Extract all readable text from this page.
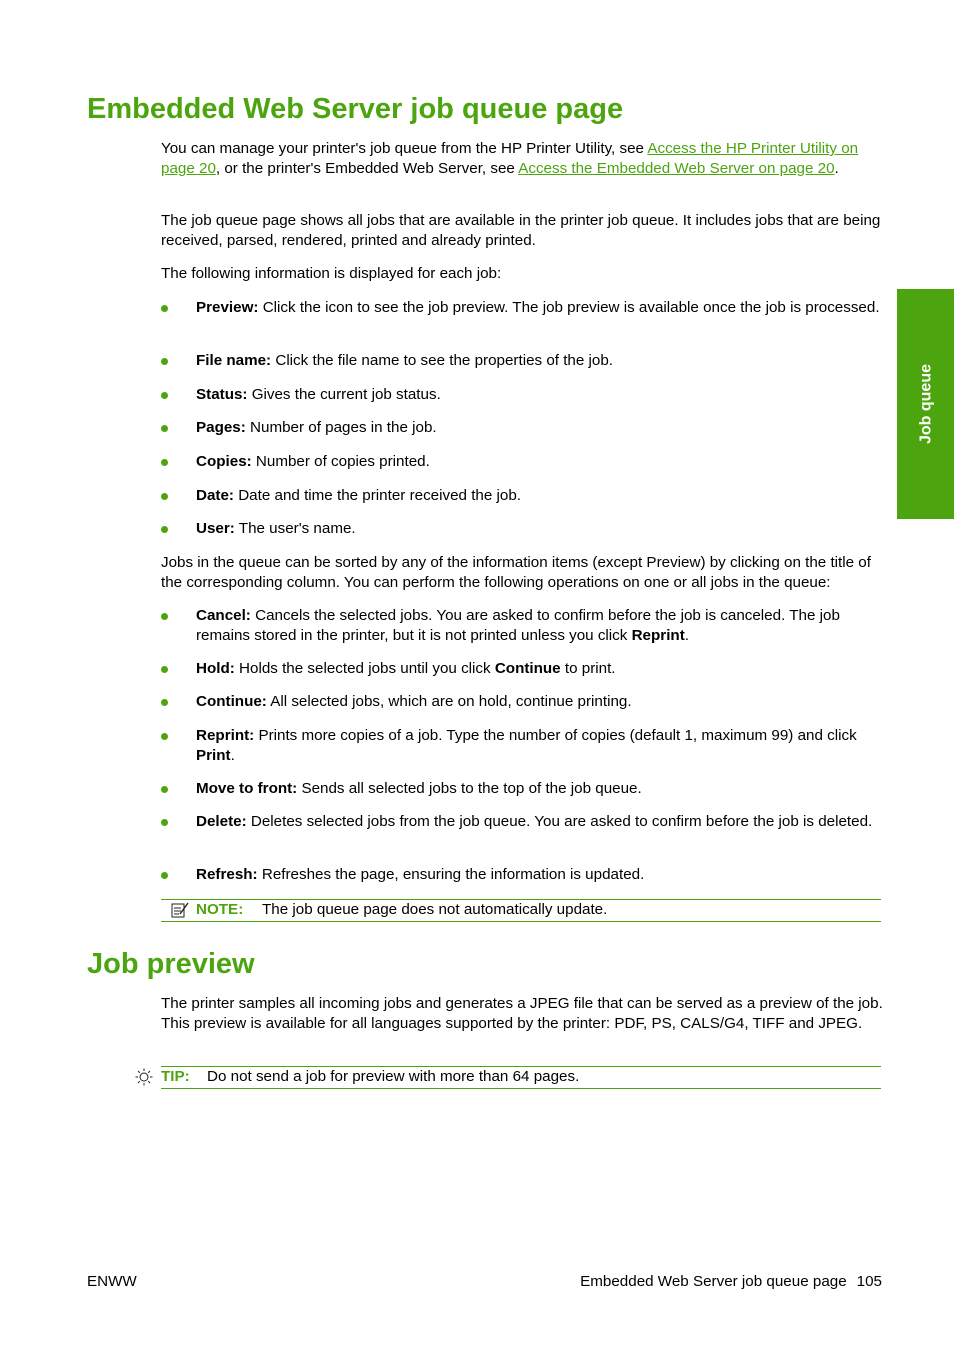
Embedded Web Server job queue page

You can manage your printer's job queue from the HP Printer Utility, see Access the HP Printer Utility on page 20, or the printer's Embedded Web Server, see Access the Embedded Web Server on page 20.

The job queue page shows all jobs that are available in the printer job queue. It includes jobs that are being received, parsed, rendered, printed and already printed.

The following information is displayed for each job:

Preview: Click the icon to see the job preview. The job preview is available once the job is processed.
File name: Click the file name to see the properties of the job.
Status: Gives the current job status.
Pages: Number of pages in the job.
Copies: Number of copies printed.
Date: Date and time the printer received the job.
User: The user's name.

Jobs in the queue can be sorted by any of the information items (except Preview) by clicking on the title of the corresponding column. You can perform the following operations on one or all jobs in the queue:

Cancel: Cancels the selected jobs. You are asked to confirm before the job is canceled. The job remains stored in the printer, but it is not printed unless you click Reprint.
Hold: Holds the selected jobs until you click Continue to print.
Continue: All selected jobs, which are on hold, continue printing.
Reprint: Prints more copies of a job. Type the number of copies (default 1, maximum 99) and click Print.
Move to front: Sends all selected jobs to the top of the job queue.
Delete: Deletes selected jobs from the job queue. You are asked to confirm before the job is deleted.
Refresh: Refreshes the page, ensuring the information is updated.
NOTE: The job queue page does not automatically update.
Job preview

The printer samples all incoming jobs and generates a JPEG file that can be served as a preview of the job. This preview is available for all languages supported by the printer: PDF, PS, CALS/G4, TIFF and JPEG.

TIP: Do not send a job for preview with more than 64 pages.
Job queue
ENWW	Embedded Web Server job queue page 105
